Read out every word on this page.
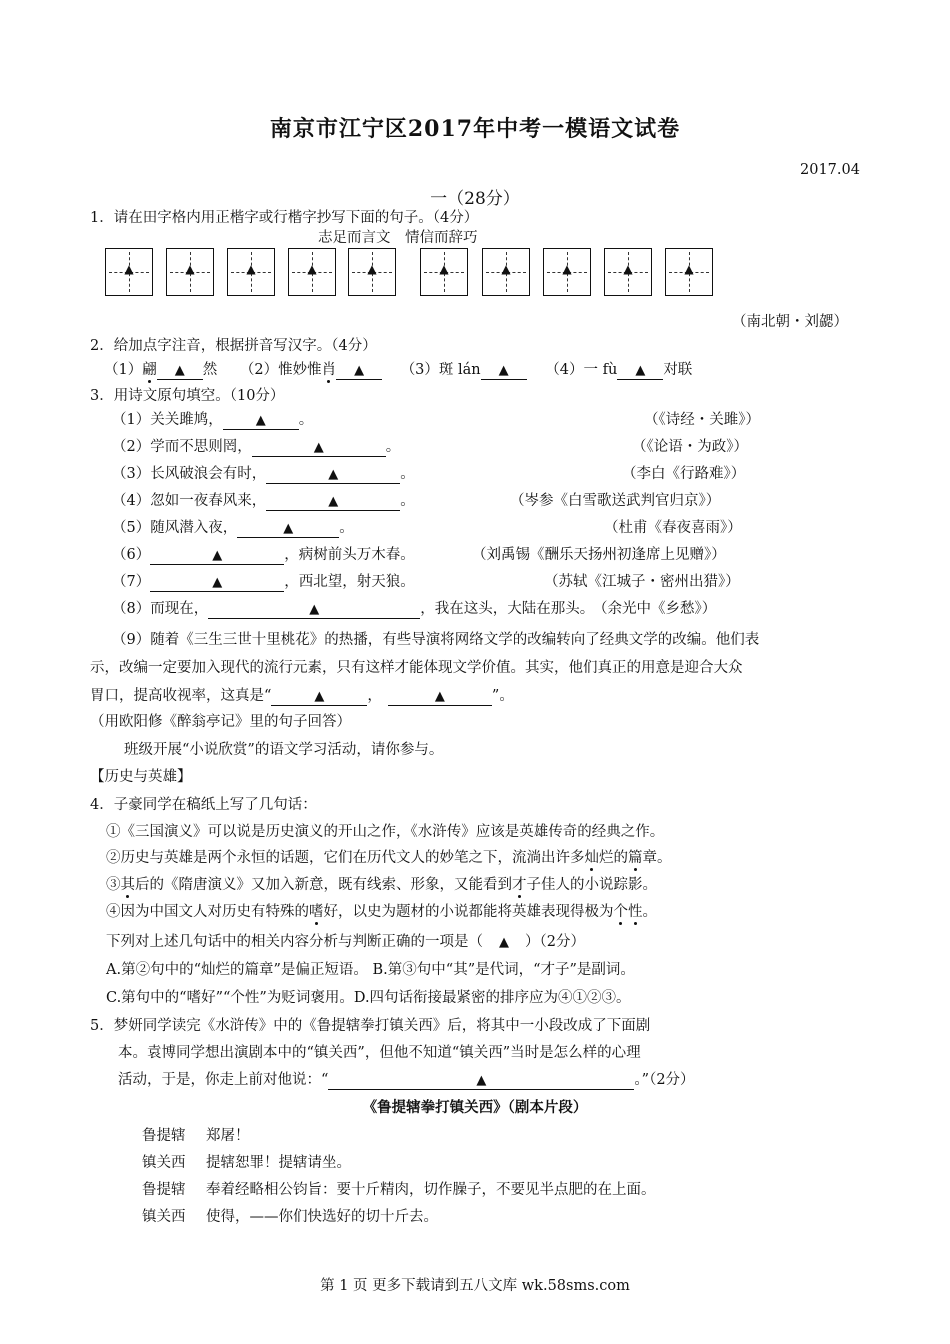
南京市江宁区2017年中考一模语文试卷
2017.04
一（28分）
1．请在田字格内用正楷字或行楷字抄写下面的句子。（4分）
志足而言文　情信而辞巧
▲	▲	▲	▲	▲	▲	▲	▲	▲	▲
（南北朝・刘勰）
2．给加点字注音，根据拼音写汉字。（4分）
（1）翩 ▲ 然 （2）惟妙惟肖 ▲	（3）斑 lán ▲	（4）一 fù ▲ 对联
3．用诗文原句填空。（10分）
（1）关关雎鸠，	▲ 。	（《诗经・关雎》）
（2）学而不思则罔，	▲	。	（《论语・为政》）
（3）长风破浪会有时，	▲	。	（李白《行路难》）
（4）忽如一夜春风来，	▲	。	（岑参《白雪歌送武判官归京》）
（5）随风潜入夜，	▲	。	（杜甫《春夜喜雨》）
（6）	▲	，病树前头万木春。	（刘禹锡《酬乐天扬州初逢席上见赠》）
（7）	▲	，西北望，射天狼。	（苏轼《江城子・密州出猎》）
（8）而现在，	▲	，我在这头，大陆在那头。 （余光中《乡愁》）
（9）随着《三生三世十里桃花》的热播，有些导演将网络文学的改编转向了经典文学的改编。他们表
示，改编一定要加入现代的流行元素，只有这样才能体现文学价值。其实，他们真正的用意是迎合大众
胃口，提高收视率，这真是“	▲	，	▲	”。
（用欧阳修《醉翁亭记》里的句子回答）
班级开展“小说欣赏”的语文学习活动，请你参与。
【历史与英雄】
4．子豪同学在稿纸上写了几句话：
①《三国演义》可以说是历史演义的开山之作，《水浒传》应该是英雄传奇的经典之作。
②历史与英雄是两个永恒的话题，它们在历代文人的妙笔之下，流淌出许多灿烂的篇章。
③其后的《隋唐演义》又加入新意，既有线索、形象，又能看到才子佳人的小说踪影。
④因为中国文人对历史有特殊的嗜好，以史为题材的小说都能将英雄表现得极为个性。
下列对上述几句话中的相关内容分析与判断正确的一项是（ ▲ ）（2分）
A.第②句中的“灿烂的篇章”是偏正短语。 B.第③句中“其”是代词，“才子”是副词。
C.第句中的“嗜好”“个性”为贬词褒用。D.四句话衔接最紧密的排序应为④①②③。
5．梦妍同学读完《水浒传》中的《鲁提辖拳打镇关西》后，将其中一小段改成了下面剧
本。袁博同学想出演剧本中的“镇关西”，但他不知道“镇关西”当时是怎么样的心理
活动，于是，你走上前对他说：“	▲	。”（2分）
《鲁提辖拳打镇关西》（剧本片段）
鲁提辖 郑屠！
镇关西 提辖恕罪！提辖请坐。
鲁提辖 奉着经略相公钧旨：要十斤精肉，切作臊子，不要见半点肥的在上面。
镇关西 使得，——你们快选好的切十斤去。
第 1 页 更多下载请到五八文库 wk.58sms.com
